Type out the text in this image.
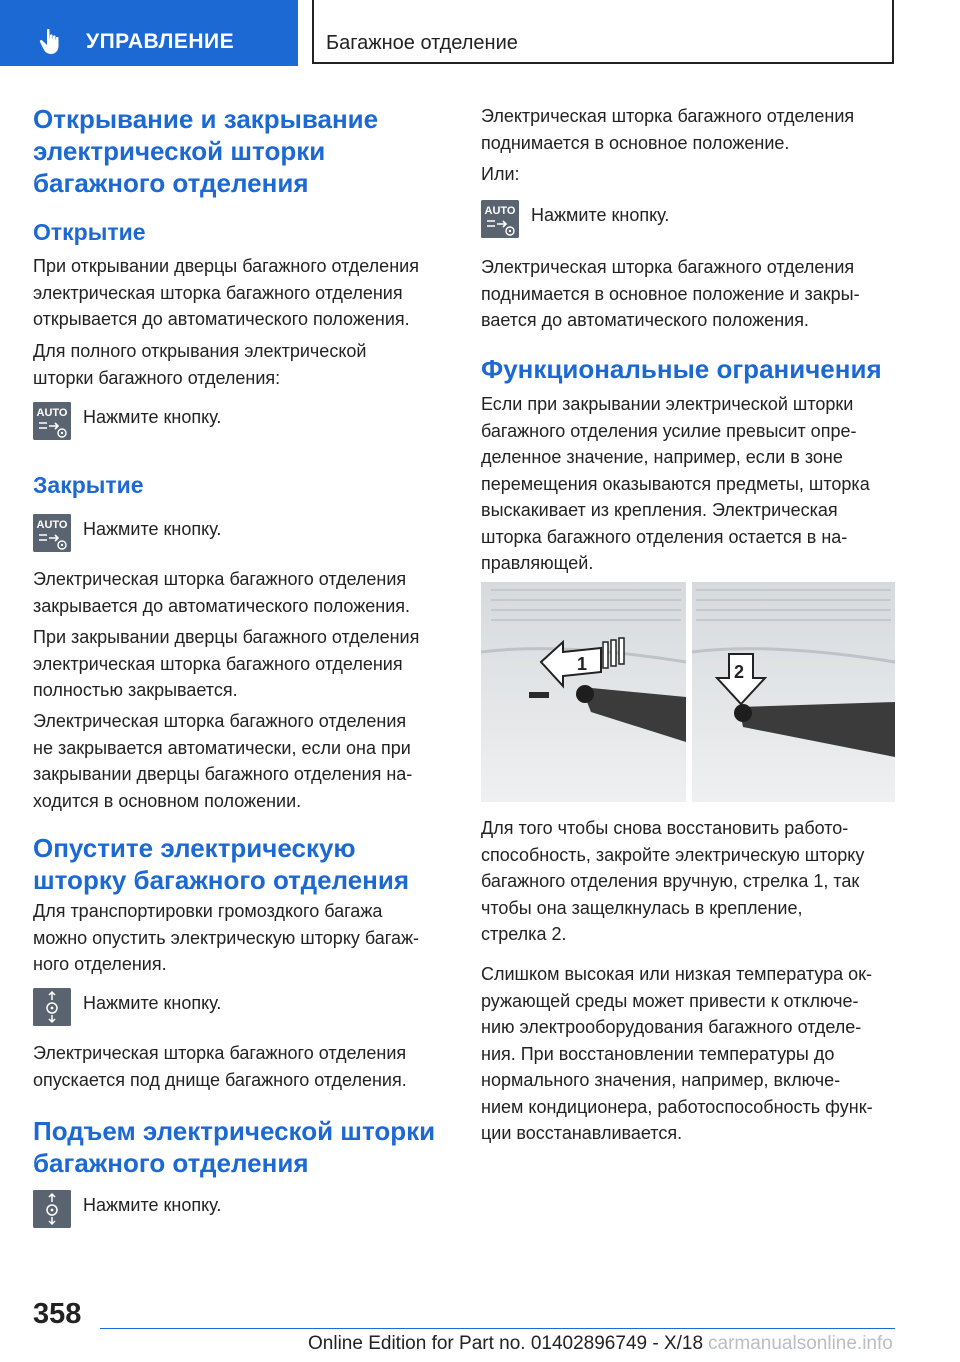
УПРАВЛЕНИЕ	Багажное отделение
Открывание и закрывание
электрической шторки
багажного отделения
Открытие

При открывании дверцы багажного отделения
электрическая шторка багажного отделения
открывается до автоматического положения.

Для полного открывания электрической
шторки багажного отделения:

AUTO Нажмите кнопку.
Закрытие
AUTO Нажмите кнопку.

Электрическая шторка багажного отделения
закрывается до автоматического положения.

При закрывании дверцы багажного отделения
электрическая шторка багажного отделения
полностью закрывается.

Электрическая шторка багажного отделения
не закрывается автоматически, если она при
закрывании дверцы багажного отделения на-
ходится в основном положении.

Опустите электрическую
шторку багажного отделения

Для транспортировки громоздкого багажа
можно опустить электрическую шторку багаж-
ного отделения.

Нажмите кнопку.

Электрическая шторка багажного отделения
опускается под днище багажного отделения.

Подъем электрической шторки
багажного отделения
Нажмите кнопку.

Электрическая шторка багажного отделения
поднимается в основное положение.

Или:

AUTO Нажмите кнопку.

Электрическая шторка багажного отделения
поднимается в основное положение и закры-
вается до автоматического положения.

Функциональные ограничения

Если при закрывании электрической шторки
багажного отделения усилие превысит опре-
деленное значение, например, если в зоне
перемещения оказываются предметы, шторка
выскакивает из крепления. Электрическая
шторка багажного отделения остается в на-
правляющей.

Для того чтобы снова восстановить работо-
способность, закройте электрическую шторку
багажного отделения вручную, стрелка 1, так
чтобы она защелкнулась в крепление,
стрелка 2.

Слишком высокая или низкая температура ок-
ружающей среды может привести к отключе-
нию электрооборудования багажного отделе-
ния. При восстановлении температуры до
нормального значения, например, включе-
нием кондиционера, работоспособность функ-
ции восстанавливается.

1	2
358
Online Edition for Part no. 01402896749 - X/18 carmanualsonline.info
